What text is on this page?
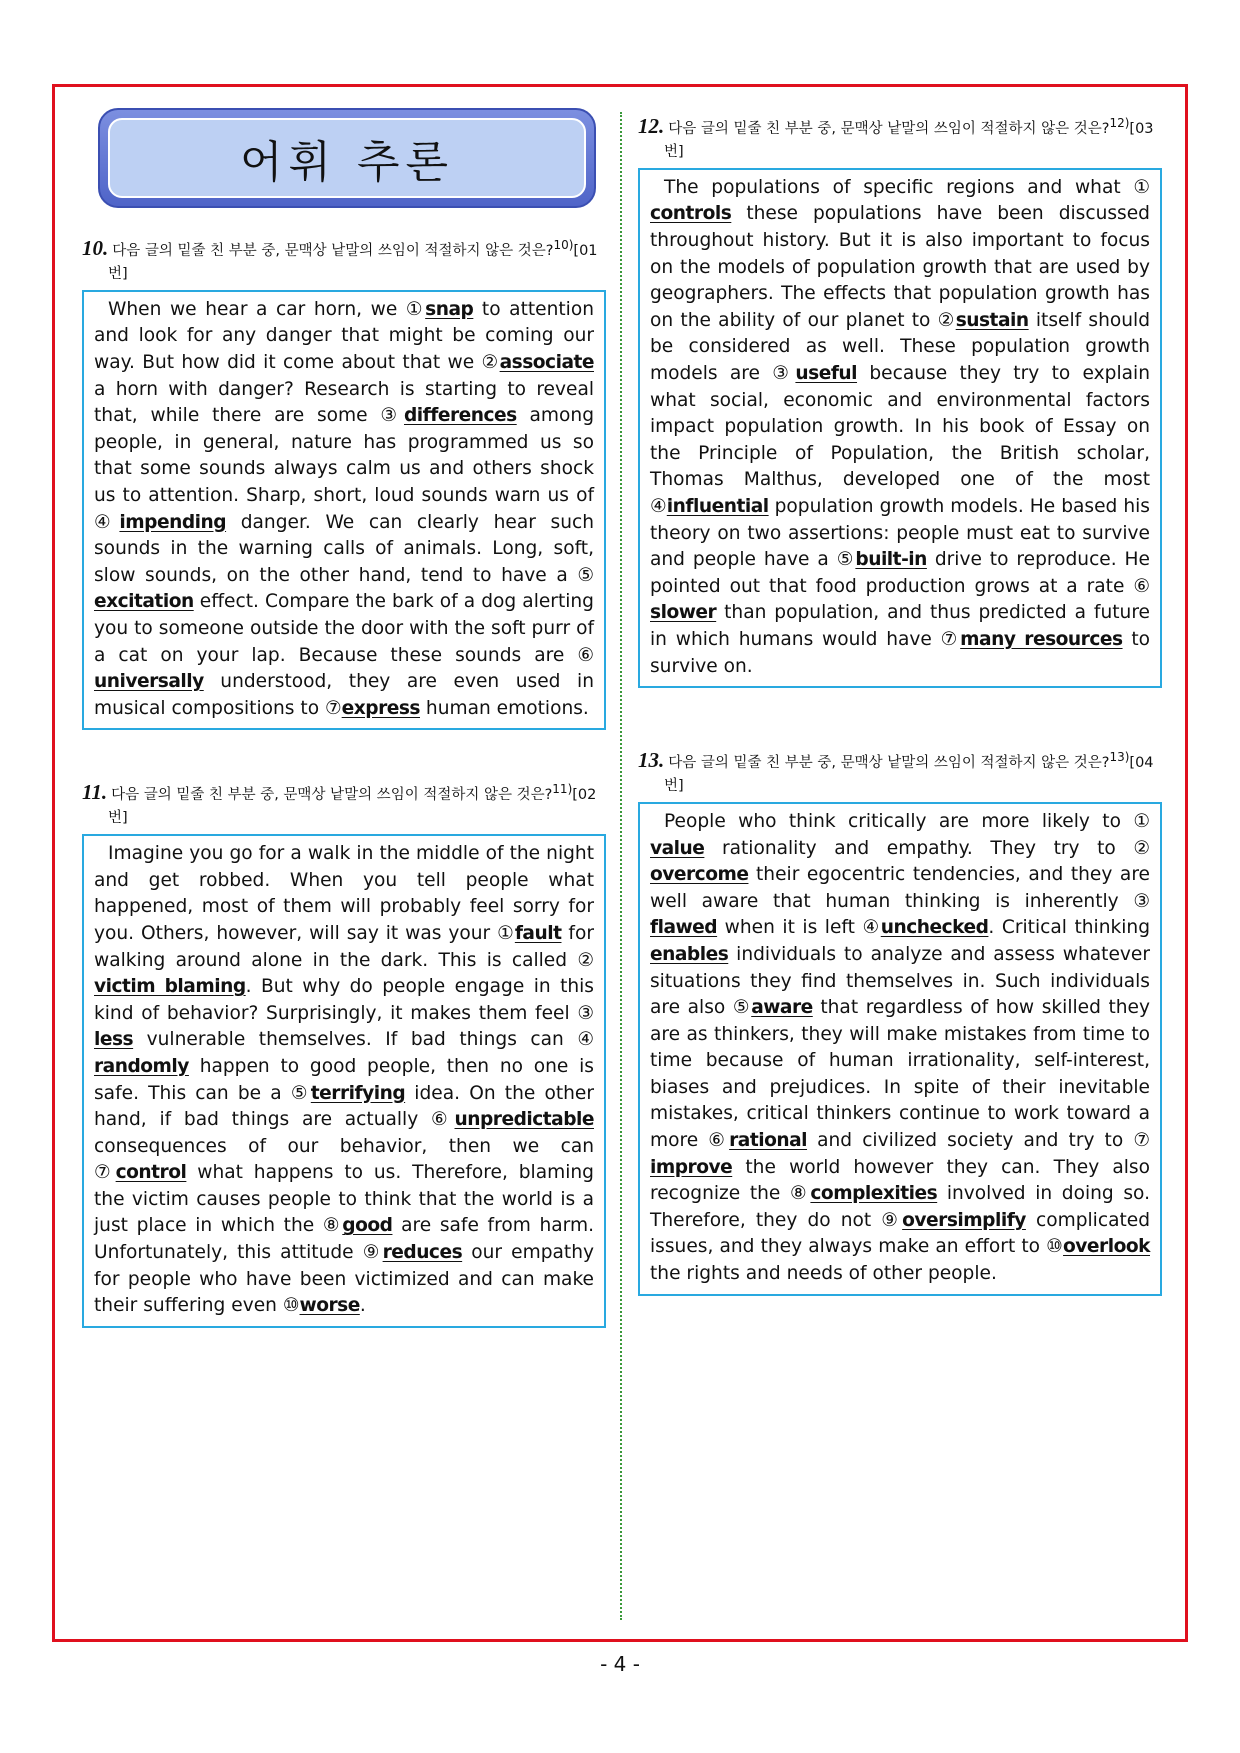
어휘 추론
10. 다음 글의 밑줄 친 부분 중, 문맥상 낱말의 쓰임이 적절하지 않은 것은?$^{10)}$[01번]

When we hear a car horn, we ①snap to attention and look for any danger that might be coming our way. But how did it come about that we ②associate a horn with danger? Research is starting to reveal that, while there are some ③differences among people, in general, nature has programmed us so that some sounds always calm us and others shock us to attention. Sharp, short, loud sounds warn us of ④impending danger. We can clearly hear such sounds in the warning calls of animals. Long, soft, slow sounds, on the other hand, tend to have a ⑤ excitation effect. Compare the bark of a dog alerting you to someone outside the door with the soft purr of a cat on your lap. Because these sounds are ⑥ universally understood, they are even used in musical compositions to ⑦express human emotions.

11. 다음 글의 밑줄 친 부분 중, 문맥상 낱말의 쓰임이 적절하지 않은 것은?$^{11)}$[02번]

Imagine you go for a walk in the middle of the night and get robbed. When you tell people what happened, most of them will probably feel sorry for you. Others, however, will say it was your ①fault for walking around alone in the dark. This is called ② victim blaming. But why do people engage in this kind of behavior? Surprisingly, it makes them feel ③ less vulnerable themselves. If bad things can ④ randomly happen to good people, then no one is safe. This can be a ⑤terrifying idea. On the other hand, if bad things are actually ⑥unpredictable consequences of our behavior, then we can ⑦control what happens to us. Therefore, blaming the victim causes people to think that the world is a just place in which the ⑧good are safe from harm. Unfortunately, this attitude ⑨reduces our empathy for people who have been victimized and can make their suffering even ⑩worse.

12. 다음 글의 밑줄 친 부분 중, 문맥상 낱말의 쓰임이 적절하지 않은 것은?$^{12)}$[03번]

The populations of specific regions and what ① controls these populations have been discussed throughout history. But it is also important to focus on the models of population growth that are used by geographers. The effects that population growth has on the ability of our planet to ②sustain itself should be considered as well. These population growth models are ③useful because they try to explain what social, economic and environmental factors impact population growth. In his book of Essay on the Principle of Population, the British scholar, Thomas Malthus, developed one of the most ④influential population growth models. He based his theory on two assertions: people must eat to survive and people have a ⑤built-in drive to reproduce. He pointed out that food production grows at a rate ⑥ slower than population, and thus predicted a future in which humans would have ⑦many resources to survive on.

13. 다음 글의 밑줄 친 부분 중, 문맥상 낱말의 쓰임이 적절하지 않은 것은?$^{13)}$[04번]

People who think critically are more likely to ① value rationality and empathy. They try to ② overcome their egocentric tendencies, and they are well aware that human thinking is inherently ③ flawed when it is left ④unchecked. Critical thinking enables individuals to analyze and assess whatever situations they find themselves in. Such individuals are also ⑤aware that regardless of how skilled they are as thinkers, they will make mistakes from time to time because of human irrationality, self-interest, biases and prejudices. In spite of their inevitable mistakes, critical thinkers continue to work toward a more ⑥rational and civilized society and try to ⑦ improve the world however they can. They also recognize the ⑧complexities involved in doing so. Therefore, they do not ⑨oversimplify complicated issues, and they always make an effort to ⑩overlook the rights and needs of other people.

- 4 -
